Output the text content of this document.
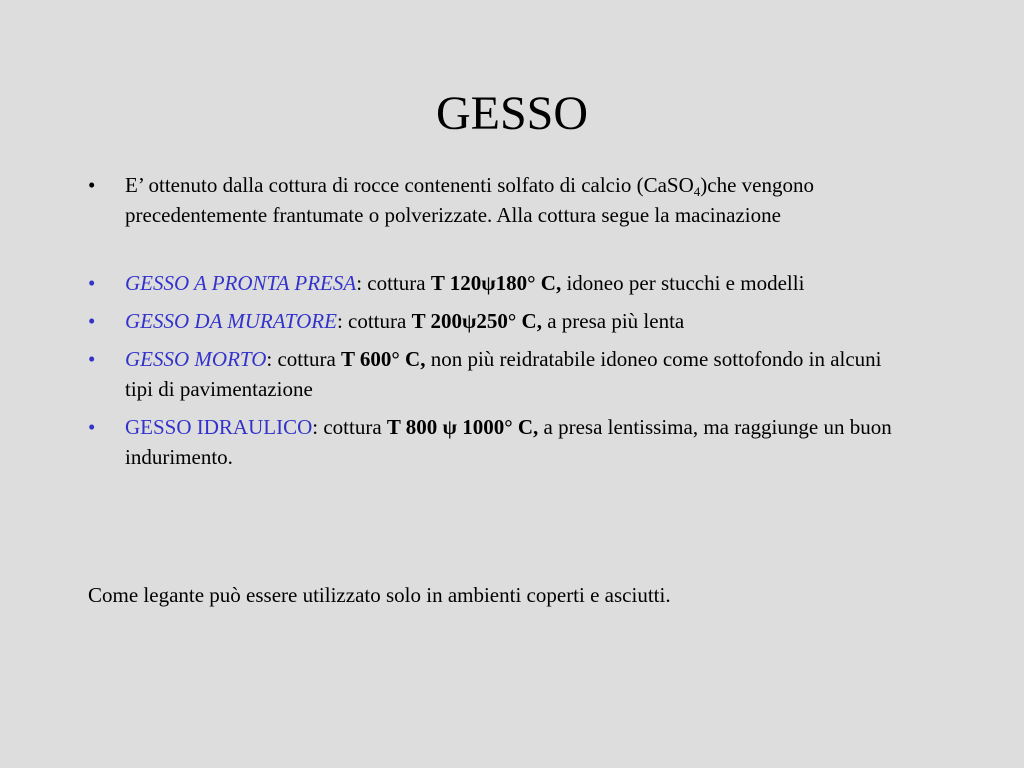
GESSO
•	E’ ottenuto dalla cottura di rocce contenenti solfato di calcio (CaSO$_4$)che vengono precedentemente frantumate o polverizzate. Alla cottura segue la macinazione
•	GESSO A PRONTA PRESA: cottura T 120ψ180° C, idoneo per stucchi e modelli
•	GESSO DA MURATORE: cottura T 200ψ250° C, a presa più lenta
•	GESSO MORTO: cottura T 600° C, non più reidratabile idoneo come sottofondo in alcuni tipi di pavimentazione
•	GESSO IDRAULICO: cottura T 800 ψ 1000° C, a presa lentissima, ma raggiunge un buon indurimento.
Come legante può essere utilizzato solo in ambienti coperti e asciutti.
